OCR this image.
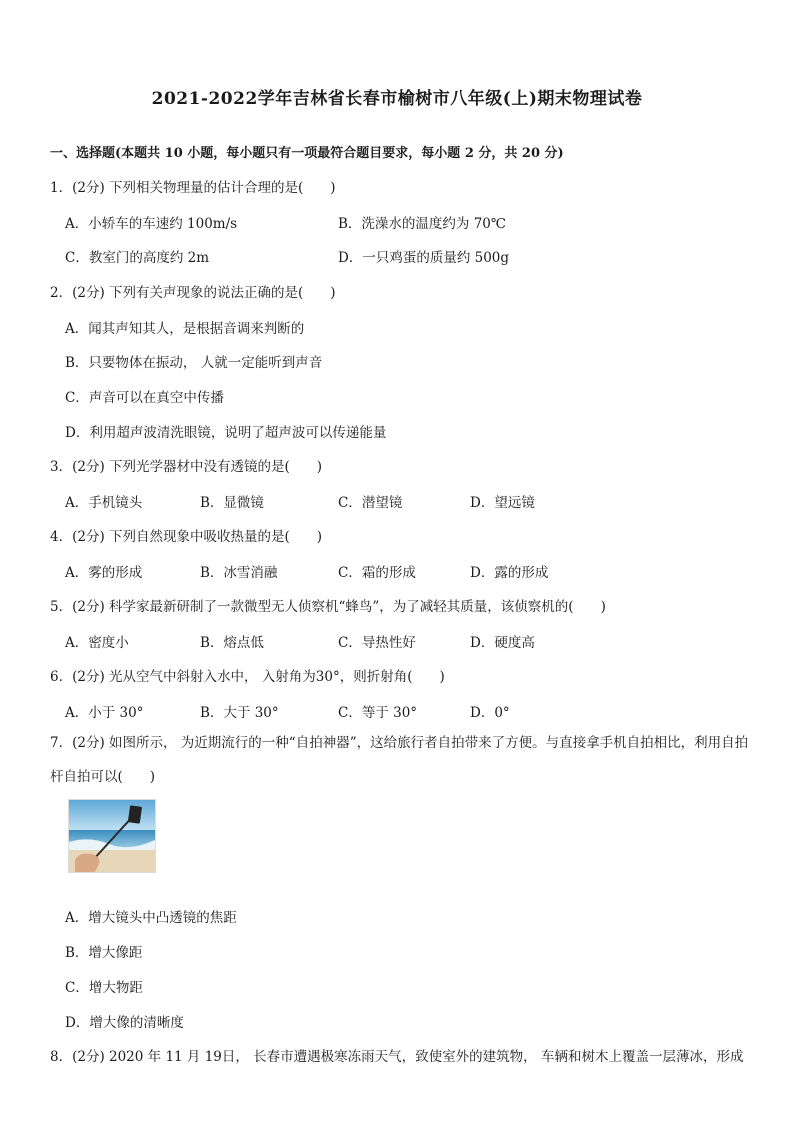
2021-2022学年吉林省长春市榆树市八年级(上)期末物理试卷
一、选择题(本题共 10 小题，每小题只有一项最符合题目要求，每小题 2 分，共 20 分)
1．(2分) 下列相关物理量的估计合理的是(　　)
A．小轿车的车速约 100m/s	B．洗澡水的温度约为 70℃
C．教室门的高度约 2m	D．一只鸡蛋的质量约 500g
2．(2分) 下列有关声现象的说法正确的是(　　)
A．闻其声知其人，是根据音调来判断的
B．只要物体在振动， 人就一定能听到声音
C．声音可以在真空中传播
D．利用超声波清洗眼镜，说明了超声波可以传递能量
3．(2分) 下列光学器材中没有透镜的是(　　)
A．手机镜头	B．显微镜	C．潜望镜	D．望远镜
4．(2分) 下列自然现象中吸收热量的是(　　)
A．雾的形成	B．冰雪消融	C．霜的形成	D．露的形成
5．(2分) 科学家最新研制了一款微型无人侦察机“蜂鸟”，为了减轻其质量，该侦察机的(　　)
A．密度小	B．熔点低	C．导热性好	D．硬度高
6．(2分) 光从空气中斜射入水中， 入射角为30°，则折射角(　　)
A．小于 30°	B．大于 30°	C．等于 30°	D．0°
7．(2分) 如图所示， 为近期流行的一种“自拍神器”，这给旅行者自拍带来了方便。与直接拿手机自拍相比，利用自拍杆自拍可以(　　)
A．增大镜头中凸透镜的焦距
B．增大像距
C．增大物距
D．增大像的清晰度
8．(2分) 2020 年 11 月 19日， 长春市遭遇极寒冻雨天气，致使室外的建筑物， 车辆和树木上覆盖一层薄冰，形成
